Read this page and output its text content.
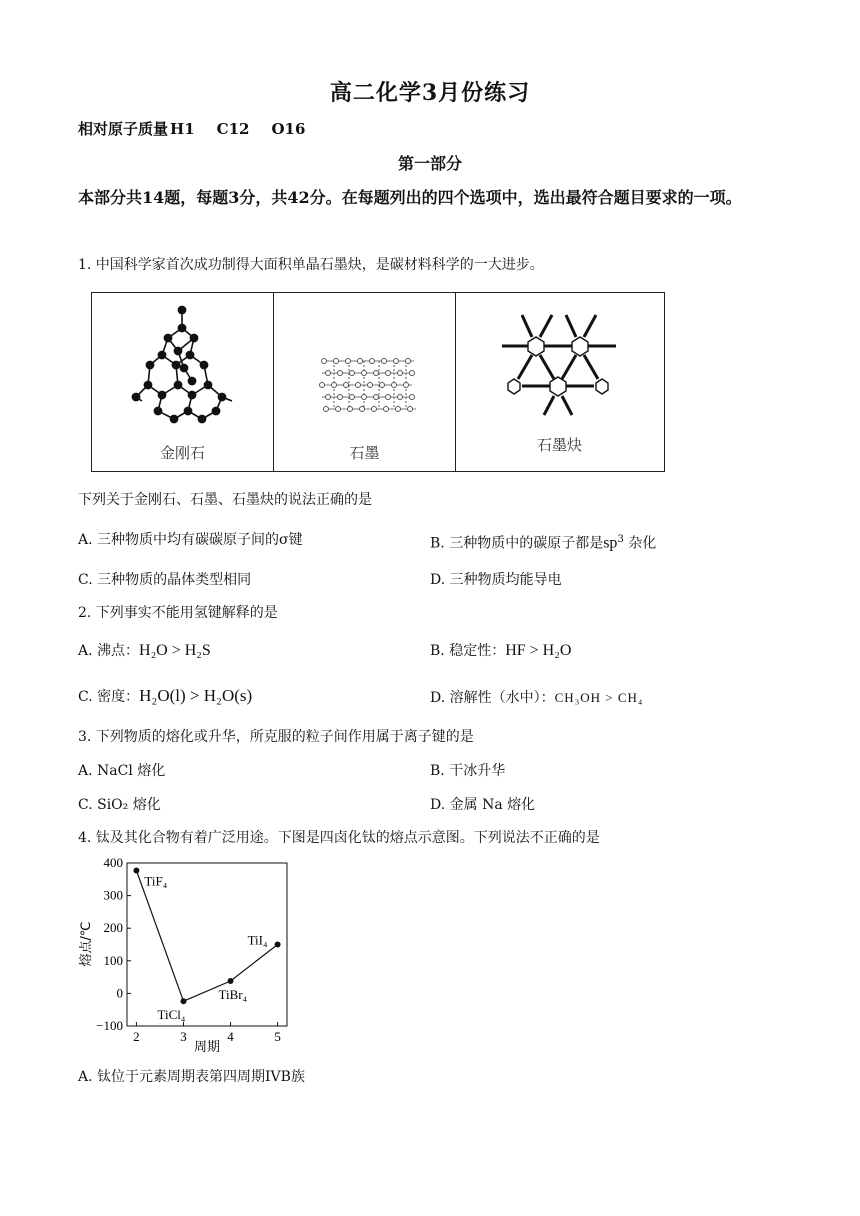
高二化学3月份练习
相对原子质量 H1 C12 O16
第一部分
本部分共14题，每题3分，共42分。在每题列出的四个选项中，选出最符合题目要求的一项。
1. 中国科学家首次成功制得大面积单晶石墨炔，是碳材料科学的一大进步。
金刚石	石墨	石墨炔
下列关于金刚石、石墨、石墨炔的说法正确的是
A. 三种物质中均有碳碳原子间的σ键	B. 三种物质中的碳原子都是$sp^3$ 杂化
C. 三种物质的晶体类型相同	D. 三种物质均能导电
2. 下列事实不能用氢键解释的是
A. 沸点：H₂O > H₂S	B. 稳定性：HF > H₂O
C. 密度：H₂O(l) > H₂O(s)	D. 溶解性（水中）：CH₃OH > CH₄
3. 下列物质的熔化或升华，所克服的粒子间作用属于离子键的是
A. NaCl 熔化	B. 干冰升华
C. SiO₂ 熔化	D. 金属 Na 熔化
4. 钛及其化合物有着广泛用途。下图是四卤化钛的熔点示意图。下列说法不正确的是
−100
0
100
200
300
400
2	3	4	5
TiF₄
TiCl₄
TiBr₄
TiI₄
熔点/℃
周期
A. 钛位于元素周期表第四周期IVB族
